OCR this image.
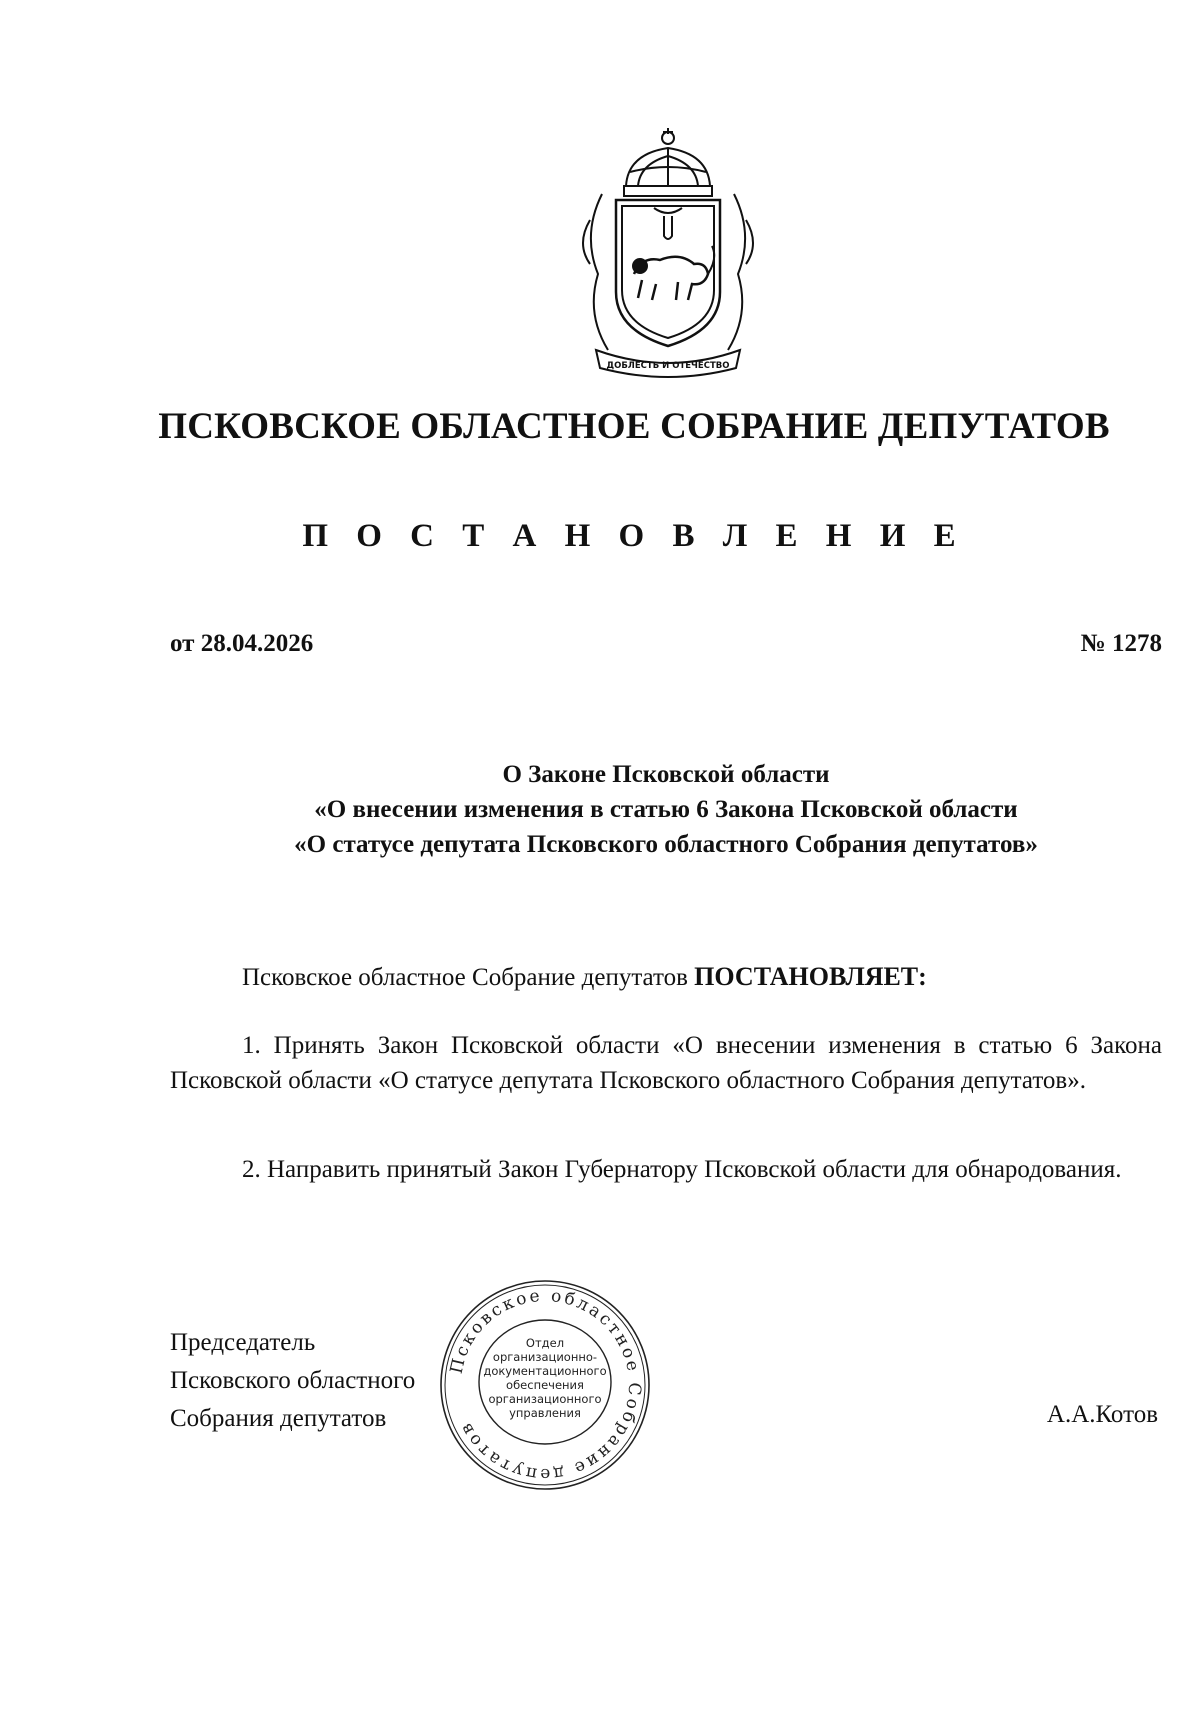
ДОБЛЕСТЬ И ОТЕЧЕСТВО
ПСКОВСКОЕ ОБЛАСТНОЕ СОБРАНИЕ ДЕПУТАТОВ
П О С Т А Н О В Л Е Н И Е
от 28.04.2026	№ 1278
О Законе Псковской области
«О внесении изменения в статью 6 Закона Псковской области
«О статусе депутата Псковского областного Собрания депутатов»
Псковское областное Собрание депутатов ПОСТАНОВЛЯЕТ:
1. Принять Закон Псковской области «О внесении изменения в статью 6 Закона Псковской области «О статусе депутата Псковского областного Собрания депутатов».
2. Направить принятый Закон Губернатору Псковской области для обнародования.
Председатель
Псковского областного
Собрания депутатов
Псковское областное Собрание депутатов
Отдел
организационно-
документационного
обеспечения
организационного
управления	А.А.Котов
